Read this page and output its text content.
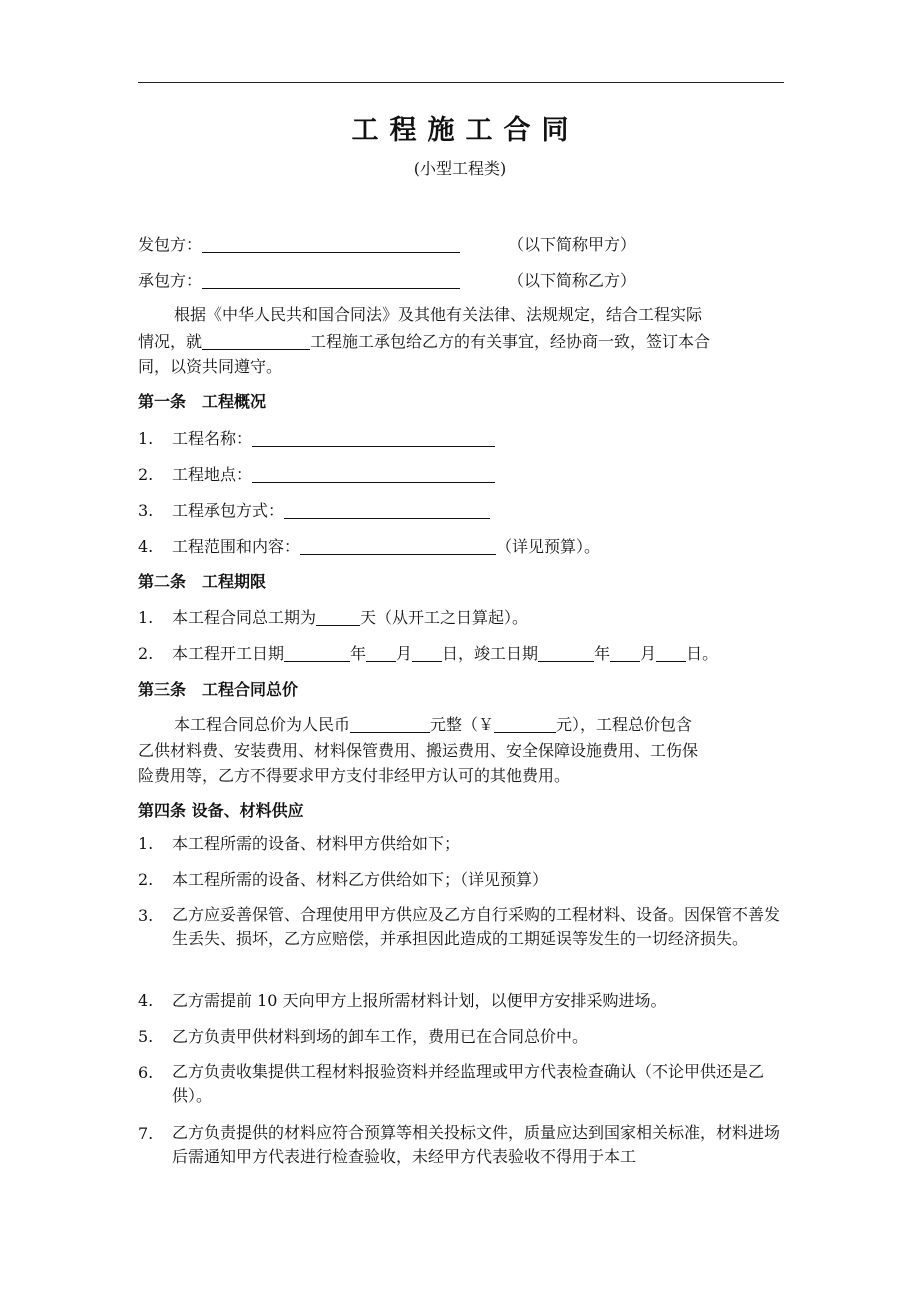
工程施工合同
(小型工程类)
发包方：	（以下简称甲方）
承包方：	（以下简称乙方）
根据《中华人民共和国合同法》及其他有关法律、法规规定，结合工程实际
情况，就	工程施工承包给乙方的有关事宜，经协商一致，签订本合
同，以资共同遵守。
第一条　工程概况
1. 工程名称：
2. 工程地点：
3. 工程承包方式：
4. 工程范围和内容：	（详见预算）。
第二条　工程期限
1. 本工程合同总工期为	天（从开工之日算起）。
2. 本工程开工日期	年 月 日，竣工日期	年 月 日。
第三条　工程合同总价
本工程合同总价为人民币	元整（￥	元），工程总价包含
乙供材料费、安装费用、材料保管费用、搬运费用、安全保障设施费用、工伤保
险费用等，乙方不得要求甲方支付非经甲方认可的其他费用。
第四条 设备、材料供应
1. 本工程所需的设备、材料甲方供给如下；
2. 本工程所需的设备、材料乙方供给如下；（详见预算）
3. 乙方应妥善保管、合理使用甲方供应及乙方自行采购的工程材料、设备。因保管不善发生丢失、损坏，乙方应赔偿，并承担因此造成的工期延误等发生的一切经济损失。
4. 乙方需提前 10 天向甲方上报所需材料计划，以便甲方安排采购进场。
5. 乙方负责甲供材料到场的卸车工作，费用已在合同总价中。
6. 乙方负责收集提供工程材料报验资料并经监理或甲方代表检查确认（不论甲供还是乙供）。
7. 乙方负责提供的材料应符合预算等相关投标文件，质量应达到国家相关标准，材料进场后需通知甲方代表进行检查验收，未经甲方代表验收不得用于本工
